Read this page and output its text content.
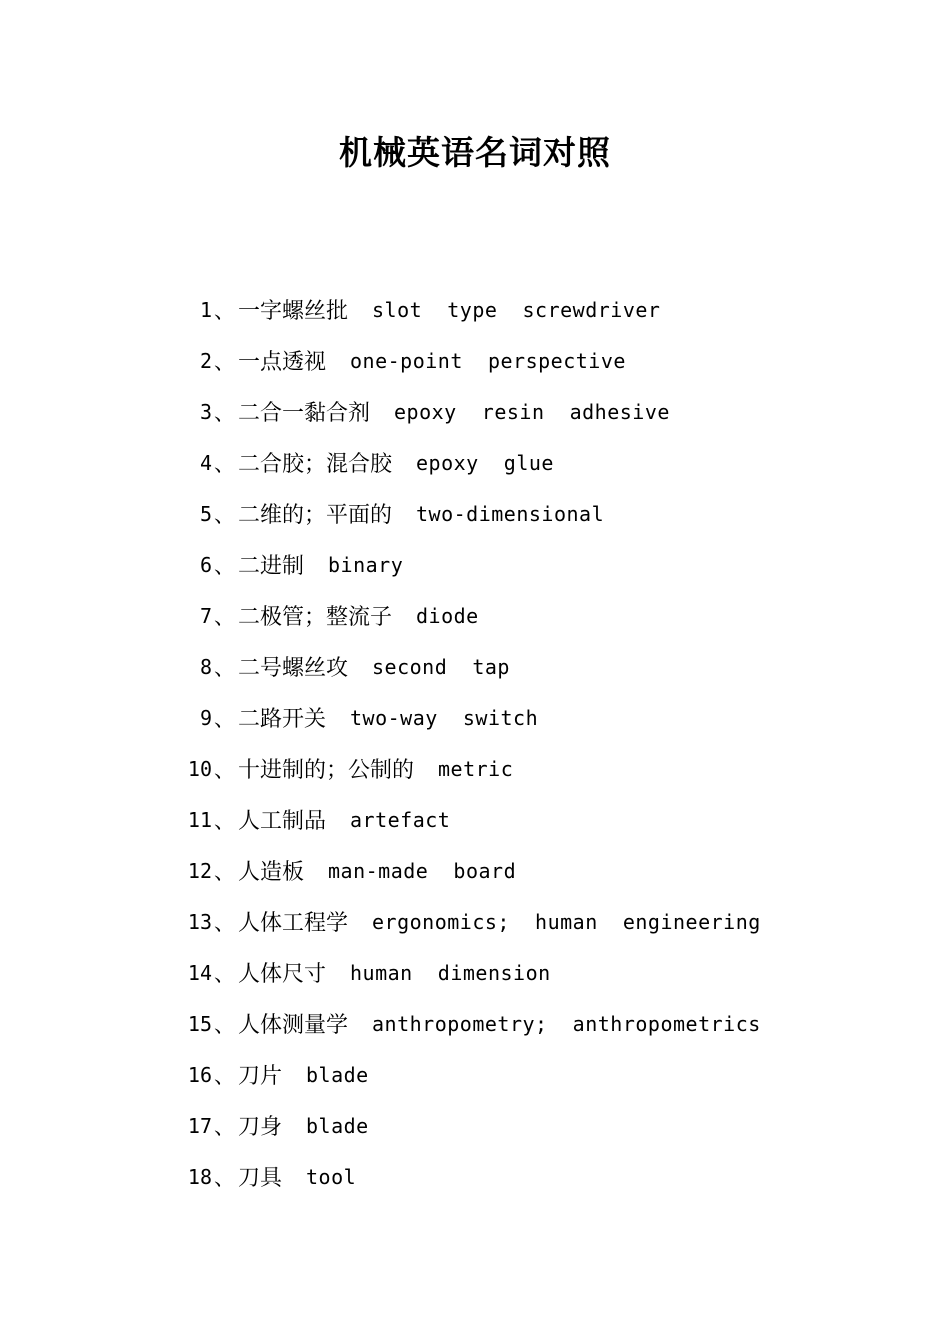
机械英语名词对照
1 、 一字螺丝批 slot  type  screwdriver
2 、 一点透视 one-point  perspective
3 、 二合一黏合剂 epoxy  resin  adhesive
4 、 二合胶；混合胶 epoxy  glue
5 、 二维的；平面的 two-dimensional
6 、 二进制 binary
7 、 二极管；整流子 diode
8 、 二号螺丝攻 second  tap
9 、 二路开关 two-way  switch
10 、 十进制的；公制的 metric
11 、 人工制品 artefact
12 、 人造板 man-made  board
13 、 人体工程学 ergonomics;  human  engineering
14 、 人体尺寸 human  dimension
15 、 人体测量学 anthropometry;  anthropometrics
16 、 刀片 blade
17 、 刀身 blade
18 、 刀具 tool
